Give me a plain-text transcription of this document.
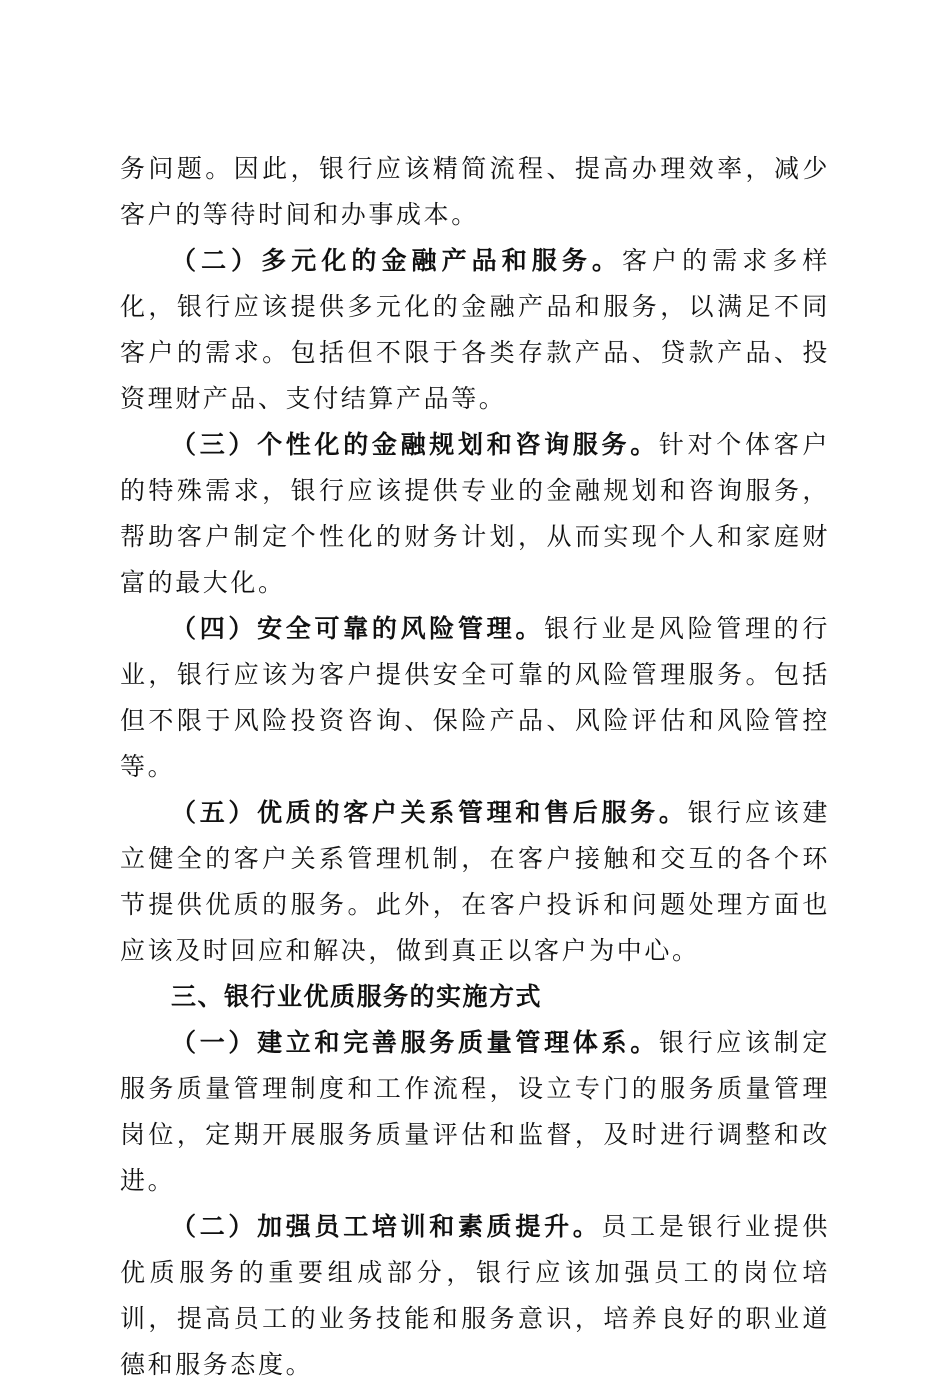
务问题。因此，银行应该精简流程、提高办理效率，减少客户的等待时间和办事成本。

（二）多元化的金融产品和服务。客户的需求多样化，银行应该提供多元化的金融产品和服务，以满足不同客户的需求。包括但不限于各类存款产品、贷款产品、投资理财产品、支付结算产品等。

（三）个性化的金融规划和咨询服务。针对个体客户的特殊需求，银行应该提供专业的金融规划和咨询服务，帮助客户制定个性化的财务计划，从而实现个人和家庭财富的最大化。

（四）安全可靠的风险管理。银行业是风险管理的行业，银行应该为客户提供安全可靠的风险管理服务。包括但不限于风险投资咨询、保险产品、风险评估和风险管控等。

（五）优质的客户关系管理和售后服务。银行应该建立健全的客户关系管理机制，在客户接触和交互的各个环节提供优质的服务。此外，在客户投诉和问题处理方面也应该及时回应和解决，做到真正以客户为中心。

三、银行业优质服务的实施方式

（一）建立和完善服务质量管理体系。银行应该制定服务质量管理制度和工作流程，设立专门的服务质量管理岗位，定期开展服务质量评估和监督，及时进行调整和改进。

（二）加强员工培训和素质提升。员工是银行业提供优质服务的重要组成部分，银行应该加强员工的岗位培训，提高员工的业务技能和服务意识，培养良好的职业道德和服务态度。
